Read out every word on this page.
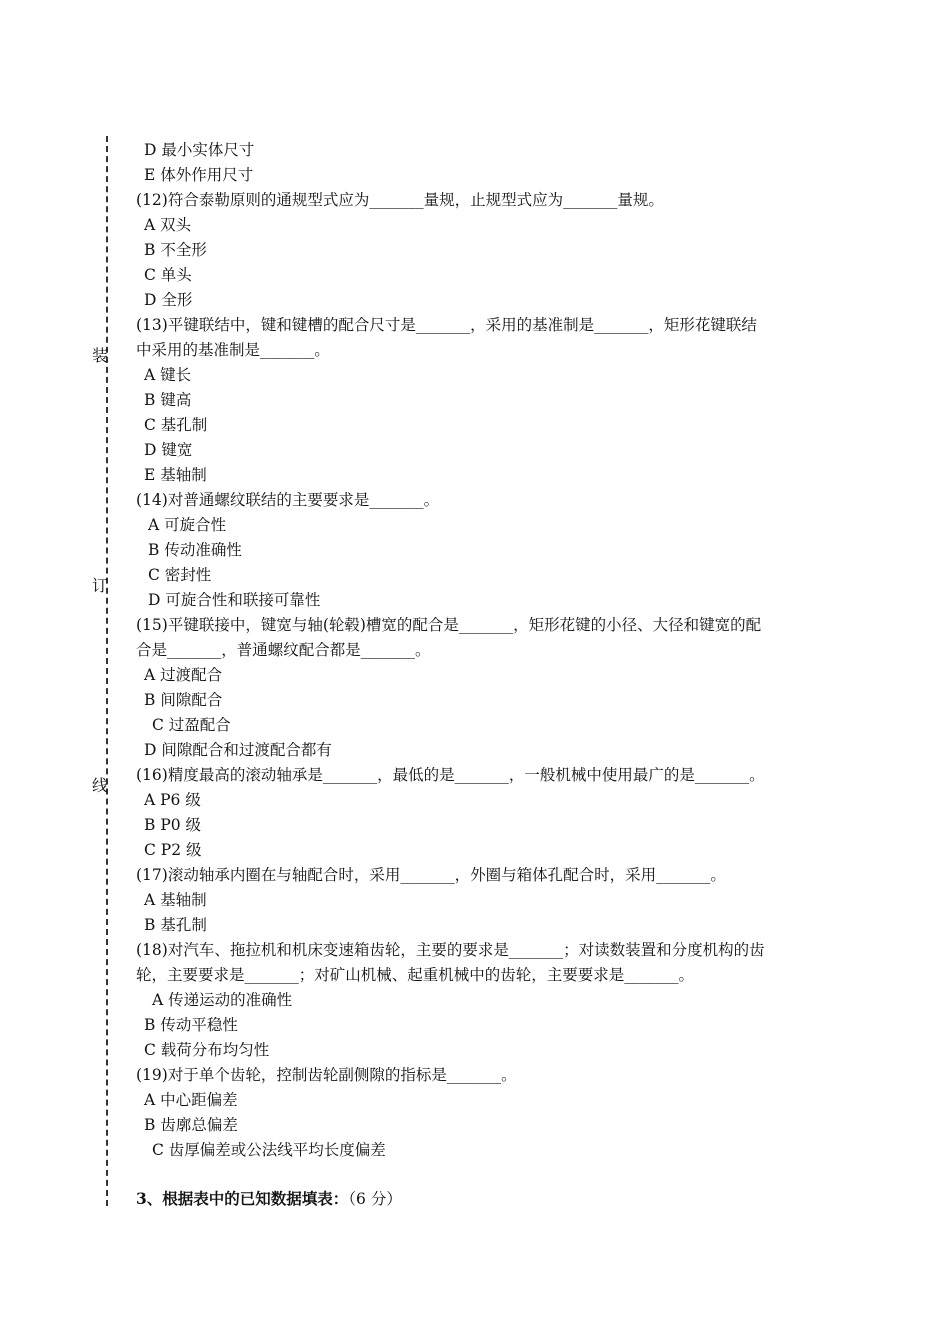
装
订
线
D 最小实体尺寸
E 体外作用尺寸
(12)符合泰勒原则的通规型式应为_______量规，止规型式应为_______量规。
A 双头
B 不全形
C 单头
D 全形
(13)平键联结中，键和键槽的配合尺寸是_______，采用的基准制是_______，矩形花键联结
中采用的基准制是_______。
A 键长
B 键高
C 基孔制
D 键宽
E 基轴制
(14)对普通螺纹联结的主要要求是_______。
A 可旋合性
B 传动准确性
C 密封性
D 可旋合性和联接可靠性
(15)平键联接中，键宽与轴(轮毂)槽宽的配合是_______，矩形花键的小径、大径和键宽的配
合是_______，普通螺纹配合都是_______。
A 过渡配合
B 间隙配合
C 过盈配合
D 间隙配合和过渡配合都有
(16)精度最高的滚动轴承是_______，最低的是_______，一般机械中使用最广的是_______。
A P6 级
B P0 级
C P2 级
(17)滚动轴承内圈在与轴配合时，采用_______，外圈与箱体孔配合时，采用_______。
A 基轴制
B 基孔制
(18)对汽车、拖拉机和机床变速箱齿轮，主要的要求是_______；对读数装置和分度机构的齿
轮，主要要求是_______；对矿山机械、起重机械中的齿轮，主要要求是_______。
A 传递运动的准确性
B 传动平稳性
C 载荷分布均匀性
(19)对于单个齿轮，控制齿轮副侧隙的指标是_______。
A 中心距偏差
B 齿廓总偏差
C 齿厚偏差或公法线平均长度偏差
3、根据表中的已知数据填表：（6 分）
